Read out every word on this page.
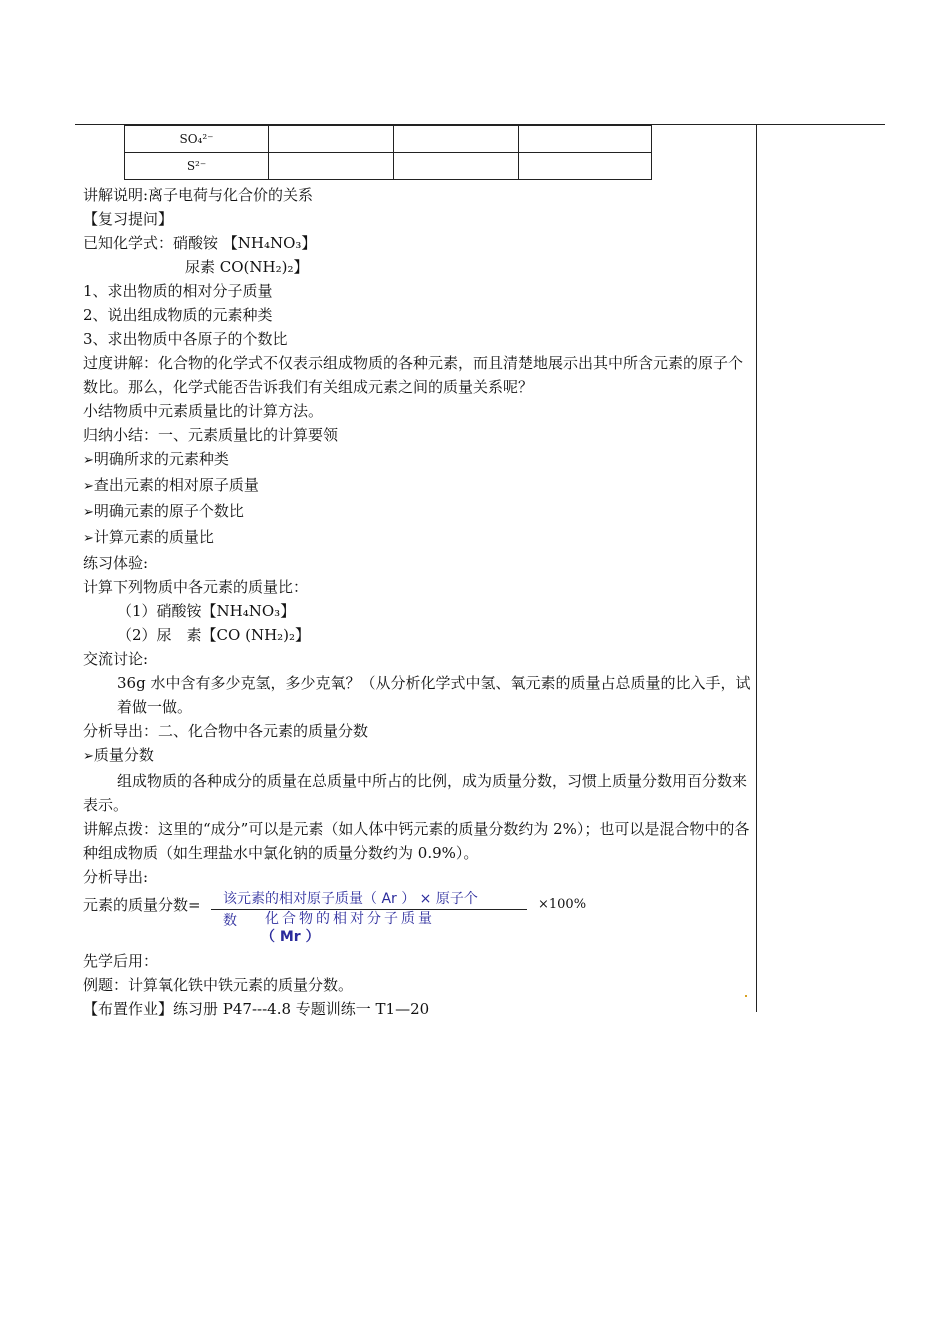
SO₄²⁻			
S²⁻			

讲解说明:离子电荷与化合价的关系

【复习提问】

已知化学式：硝酸铵 【NH₄NO₃】

尿素 CO(NH₂)₂】

1、求出物质的相对分子质量

2、说出组成物质的元素种类

3、求出物质中各原子的个数比

过度讲解：化合物的化学式不仅表示组成物质的各种元素，而且清楚地展示出其中所含元素的原子个数比。那么，化学式能否告诉我们有关组成元素之间的质量关系呢？

小结物质中元素质量比的计算方法。

归纳小结：一、元素质量比的计算要领

➢ 明确所求的元素种类

➢ 查出元素的相对原子质量

➢ 明确元素的原子个数比

➢ 计算元素的质量比

练习体验:

计算下列物质中各元素的质量比：

（1）硝酸铵【NH₄NO₃】

（2）尿　素【CO (NH₂)₂】

交流讨论:

36g 水中含有多少克氢，多少克氧？（从分析化学式中氢、氧元素的质量占总质量的比入手，试着做一做。

分析导出：二、化合物中各元素的质量分数

➢ 质量分数

组成物质的各种成分的质量在总质量中所占的比例，成为质量分数，习惯上质量分数用百分数来表示。

讲解点拨：这里的“成分”可以是元素（如人体中钙元素的质量分数约为 2%）；也可以是混合物中的各种组成物质（如生理盐水中氯化钠的质量分数约为 0.9%）。

分析导出:

元素的质量分数=	该元素的相对原子质量（ Ar ） × 原子个
数	化合物的相对分子质量
（ Mr ）
×100%

先学后用：

例题：计算氧化铁中铁元素的质量分数。

【布置作业】练习册 P47---4.8 专题训练一 T1—20
